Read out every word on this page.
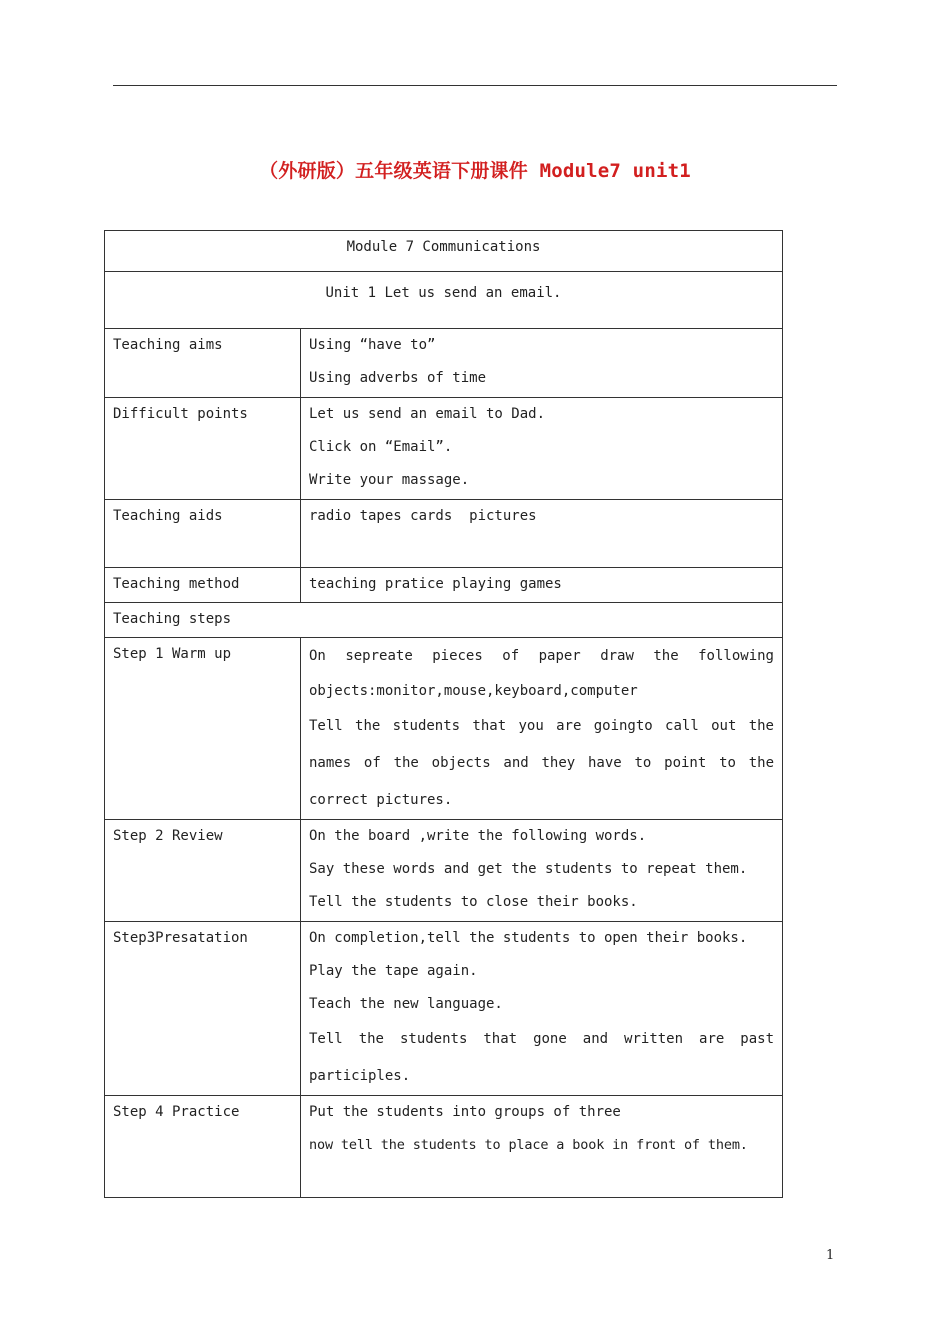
（外研版）五年级英语下册课件 Module7 unit1
Module 7 Communications	
Unit 1 Let us send an email.	
Teaching aims	Using “have to”
Using adverbs of time

Difficult points	Let us send an email to Dad.
Click on “Email”.
Write your massage.

Teaching aids	radio tapes cards  pictures

Teaching method	teaching pratice playing games

Teaching steps	
Step 1 Warm up	On sepreate pieces of paper draw the following
objects:monitor,mouse,keyboard,computer
Tell the students that you are goingto call out the
names of the objects and they have to point to the
correct pictures.

Step 2 Review	On the board ,write the following words.
Say these words and get the students to repeat them.
Tell the students to close their books.

Step3Presatation	On completion,tell the students to open their books.
Play the tape again.
Teach the new language.
Tell the students that gone and written are past
participles.

Step 4 Practice	Put the students into groups of three
now tell the students to place a book in front of them.
1
